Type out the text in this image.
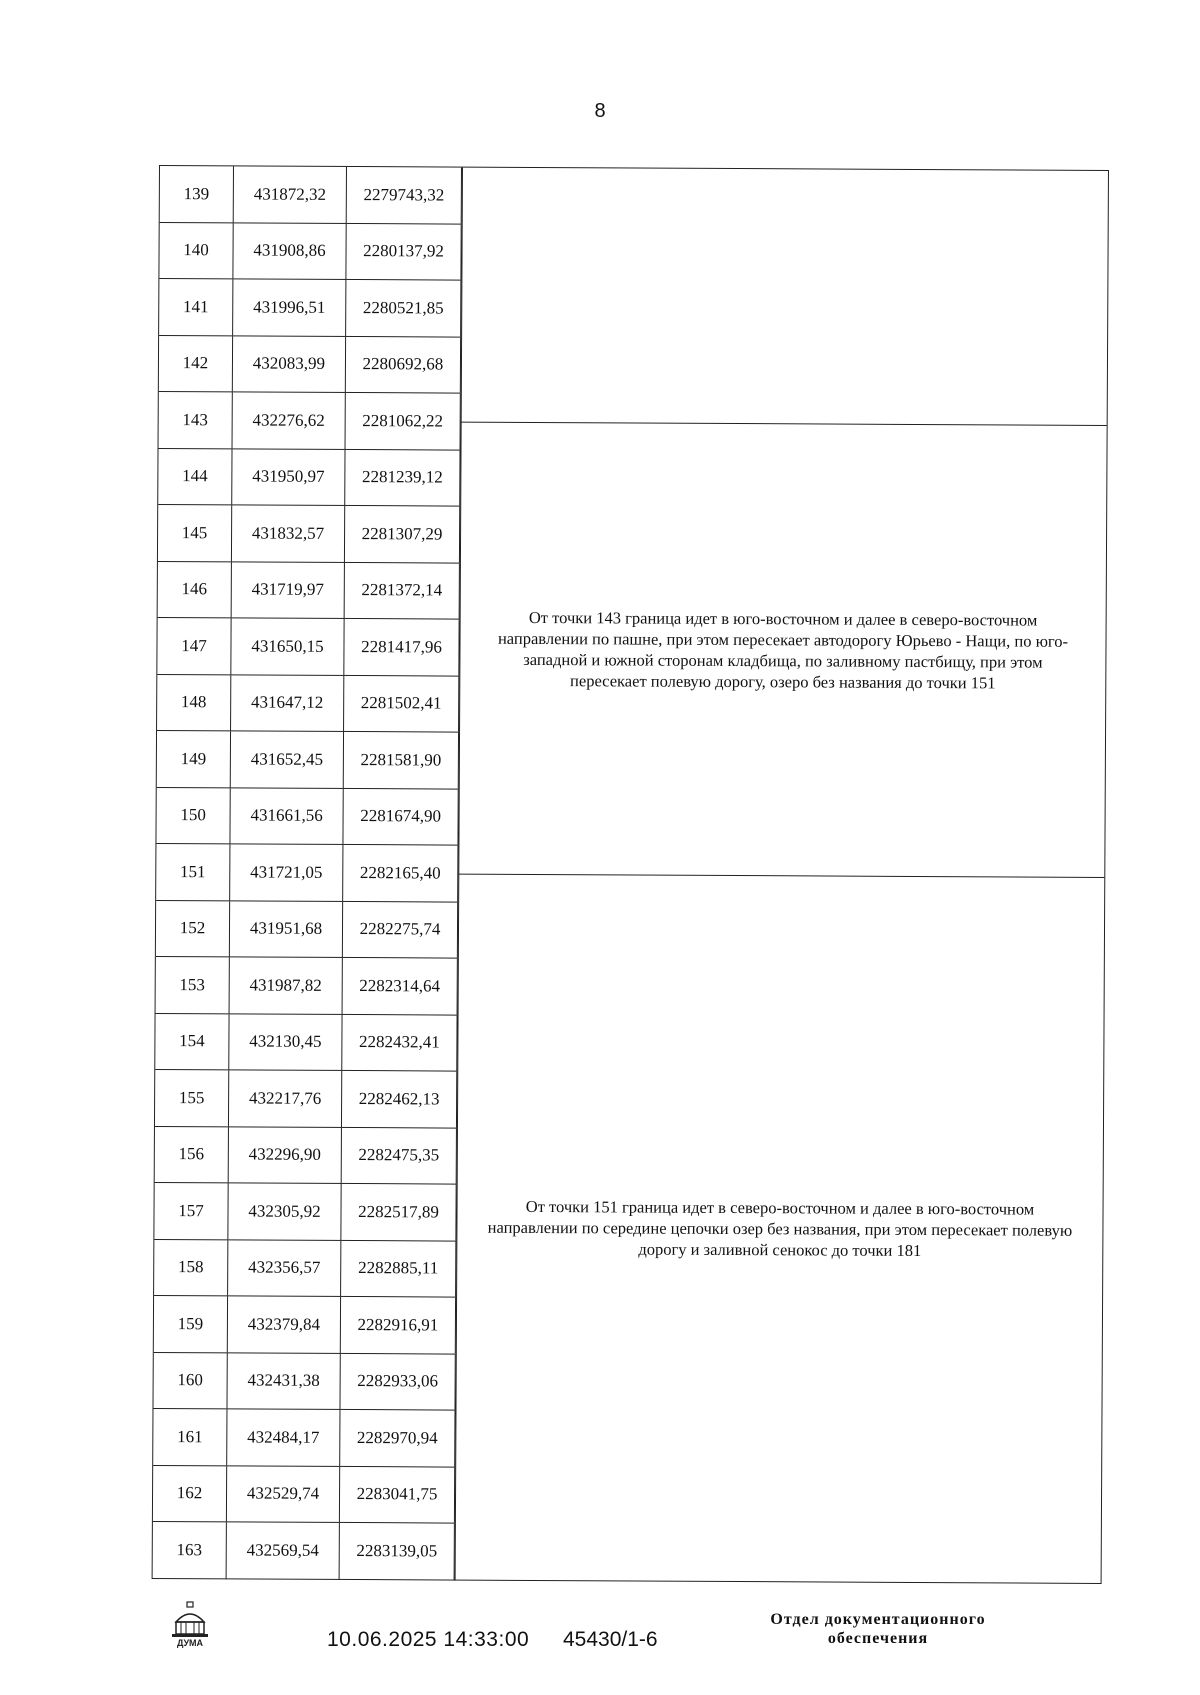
8
139	431872,32	2279743,32
140	431908,86	2280137,92
141	431996,51	2280521,85
142	432083,99	2280692,68
143	432276,62	2281062,22
144	431950,97	2281239,12
145	431832,57	2281307,29
146	431719,97	2281372,14
147	431650,15	2281417,96
148	431647,12	2281502,41
149	431652,45	2281581,90
150	431661,56	2281674,90
151	431721,05	2282165,40
152	431951,68	2282275,74
153	431987,82	2282314,64
154	432130,45	2282432,41
155	432217,76	2282462,13
156	432296,90	2282475,35
157	432305,92	2282517,89
158	432356,57	2282885,11
159	432379,84	2282916,91
160	432431,38	2282933,06
161	432484,17	2282970,94
162	432529,74	2283041,75
163	432569,54	2283139,05
От точки 143 граница идет в юго-восточном и далее в северо-восточном направлении по пашне, при этом пересекает автодорогу Юрьево - Нащи, по юго-западной и южной сторонам кладбища, по заливному пастбищу, при этом пересекает полевую дорогу, озеро без названия до точки 151
От точки 151 граница идет в северо-восточном и далее в юго-восточном направлении по середине цепочки озер без названия, при этом пересекает полевую дорогу и заливной сенокос до точки 181
ДУМА	10.06.2025 14:33:00 45430/1-6
Отдел документационного
обеспечения
